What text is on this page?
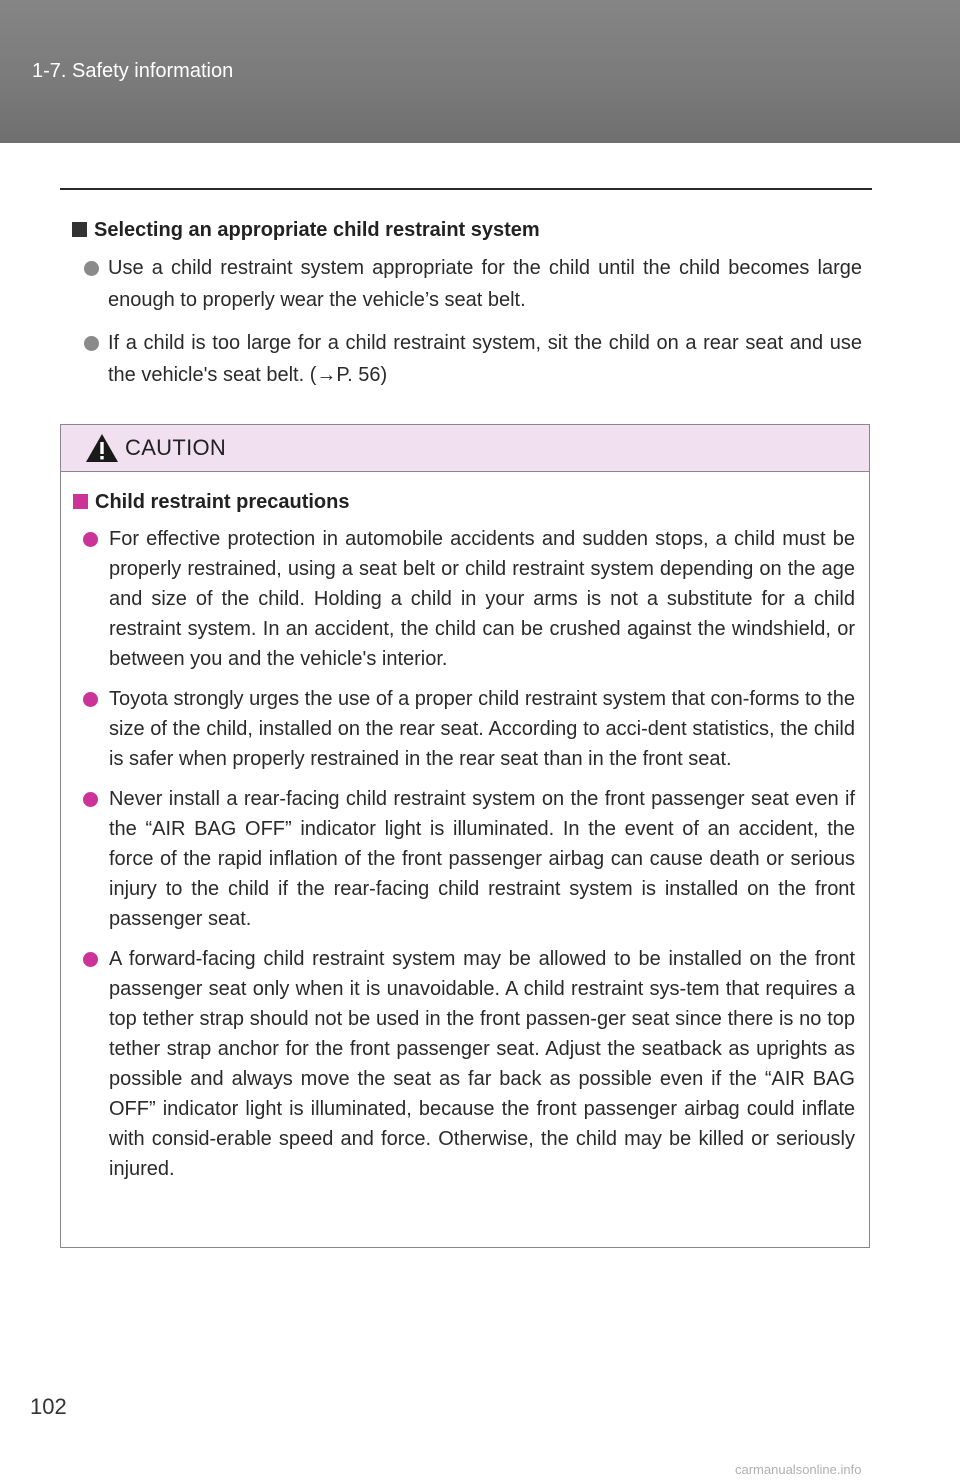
1-7. Safety information
Selecting an appropriate child restraint system
Use a child restraint system appropriate for the child until the child becomes large enough to properly wear the vehicle’s seat belt.
If a child is too large for a child restraint system, sit the child on a rear seat and use the vehicle's seat belt. (→P. 56)
CAUTION
Child restraint precautions
For effective protection in automobile accidents and sudden stops, a child must be properly restrained, using a seat belt or child restraint system depending on the age and size of the child. Holding a child in your arms is not a substitute for a child restraint system. In an accident, the child can be crushed against the windshield, or between you and the vehicle's interior.
Toyota strongly urges the use of a proper child restraint system that con-forms to the size of the child, installed on the rear seat. According to acci-dent statistics, the child is safer when properly restrained in the rear seat than in the front seat.
Never install a rear-facing child restraint system on the front passenger seat even if the “AIR BAG OFF” indicator light is illuminated. In the event of an accident, the force of the rapid inflation of the front passenger airbag can cause death or serious injury to the child if the rear-facing child restraint system is installed on the front passenger seat.
A forward-facing child restraint system may be allowed to be installed on the front passenger seat only when it is unavoidable. A child restraint sys-tem that requires a top tether strap should not be used in the front passen-ger seat since there is no top tether strap anchor for the front passenger seat. Adjust the seatback as uprights as possible and always move the seat as far back as possible even if the “AIR BAG OFF” indicator light is illuminated, because the front passenger airbag could inflate with consid-erable speed and force. Otherwise, the child may be killed or seriously injured.
102
carmanualsonline.info
